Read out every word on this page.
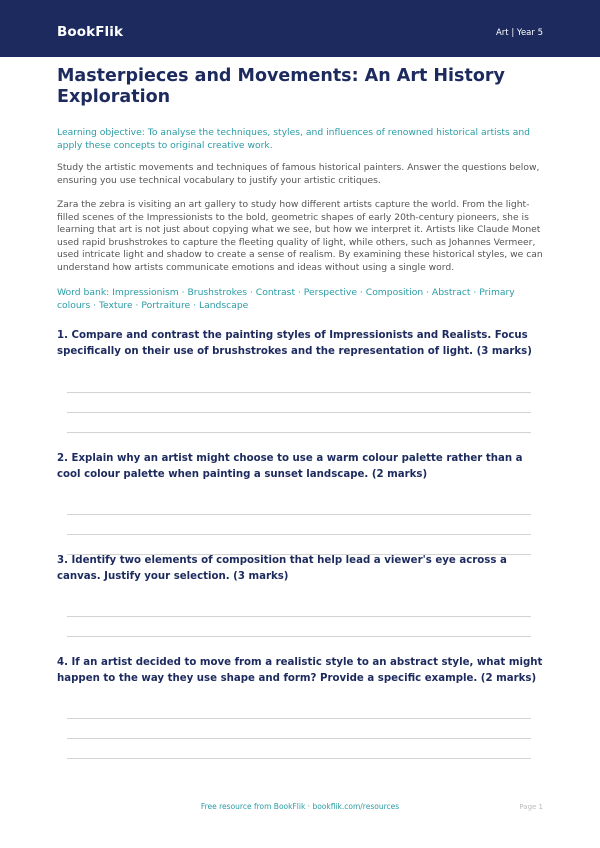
BookFlik	Art | Year 5
Masterpieces and Movements: An Art History Exploration
Learning objective: To analyse the techniques, styles, and influences of renowned historical artists and apply these concepts to original creative work.
Study the artistic movements and techniques of famous historical painters. Answer the questions below, ensuring you use technical vocabulary to justify your artistic critiques.
Zara the zebra is visiting an art gallery to study how different artists capture the world. From the light-filled scenes of the Impressionists to the bold, geometric shapes of early 20th-century pioneers, she is learning that art is not just about copying what we see, but how we interpret it. Artists like Claude Monet used rapid brushstrokes to capture the fleeting quality of light, while others, such as Johannes Vermeer, used intricate light and shadow to create a sense of realism. By examining these historical styles, we can understand how artists communicate emotions and ideas without using a single word.
Word bank: Impressionism · Brushstrokes · Contrast · Perspective · Composition · Abstract · Primary colours · Texture · Portraiture · Landscape
1. Compare and contrast the painting styles of Impressionists and Realists. Focus specifically on their use of brushstrokes and the representation of light. (3 marks)
2. Explain why an artist might choose to use a warm colour palette rather than a cool colour palette when painting a sunset landscape. (2 marks)
3. Identify two elements of composition that help lead a viewer's eye across a canvas. Justify your selection. (3 marks)
4. If an artist decided to move from a realistic style to an abstract style, what might happen to the way they use shape and form? Provide a specific example. (2 marks)
Free resource from BookFlik · bookflik.com/resources	Page 1
